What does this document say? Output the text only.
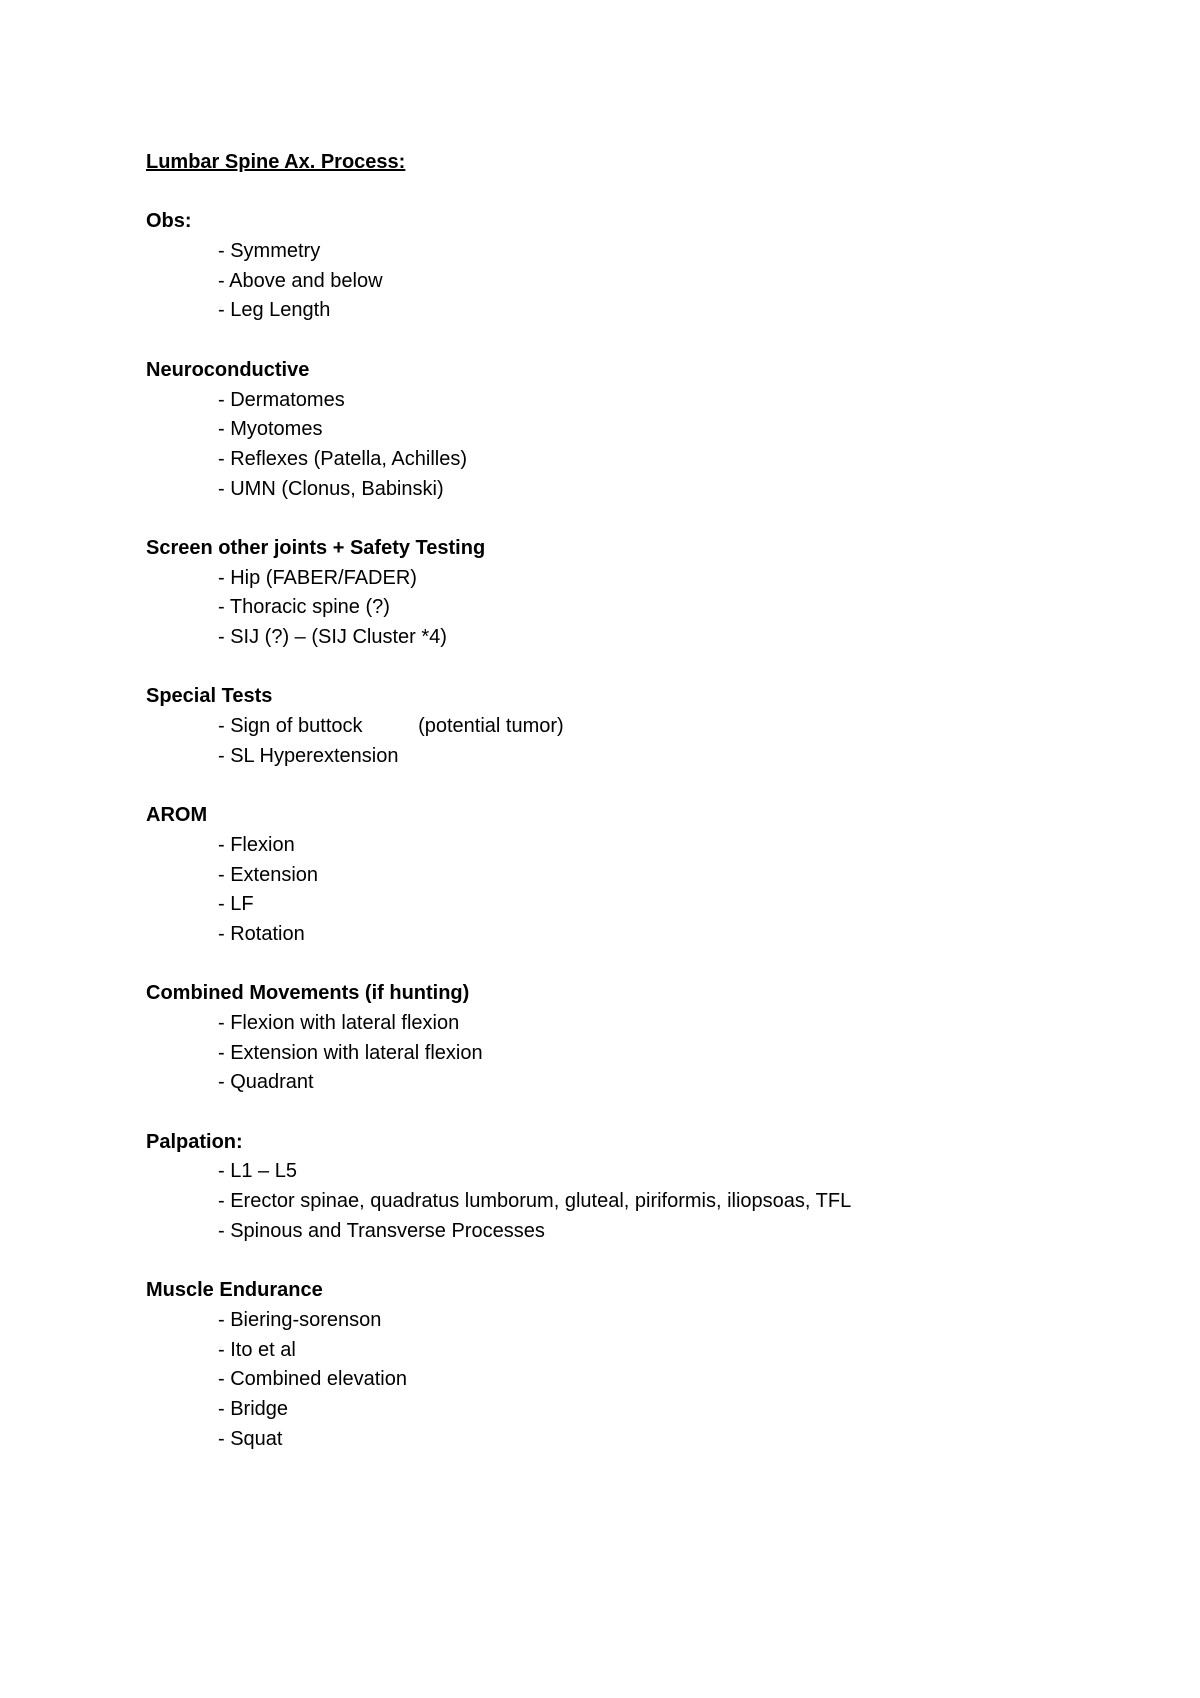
Lumbar Spine Ax. Process:
Obs:
- Symmetry
- Above and below
- Leg Length
Neuroconductive
- Dermatomes
- Myotomes
- Reflexes (Patella, Achilles)
- UMN (Clonus, Babinski)
Screen other joints + Safety Testing
- Hip (FABER/FADER)
- Thoracic spine (?)
- SIJ (?) – (SIJ Cluster *4)
Special Tests
- Sign of buttock          (potential tumor)
- SL Hyperextension
AROM
- Flexion
- Extension
- LF
- Rotation
Combined Movements (if hunting)
- Flexion with lateral flexion
- Extension with lateral flexion
- Quadrant
Palpation:
- L1 – L5
- Erector spinae, quadratus lumborum, gluteal, piriformis, iliopsoas, TFL
- Spinous and Transverse Processes
Muscle Endurance
- Biering-sorenson
- Ito et al
- Combined elevation
- Bridge
- Squat
